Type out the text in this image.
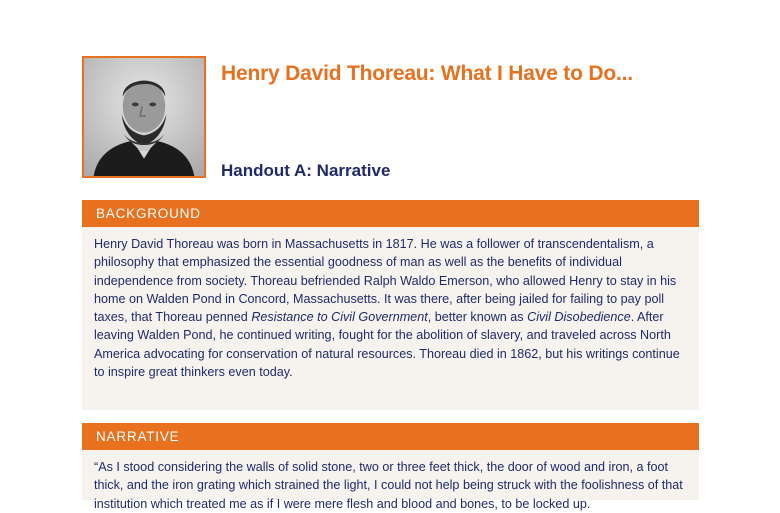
Henry David Thoreau: What I Have to Do...
Handout A: Narrative
BACKGROUND

Henry David Thoreau was born in Massachusetts in 1817. He was a follower of transcendentalism, a philosophy that emphasized the essential goodness of man as well as the benefits of individual independence from society. Thoreau befriended Ralph Waldo Emerson, who allowed Henry to stay in his home on Walden Pond in Concord, Massachusetts. It was there, after being jailed for failing to pay poll taxes, that Thoreau penned Resistance to Civil Government, better known as Civil Disobedience. After leaving Walden Pond, he continued writing, fought for the abolition of slavery, and traveled across North America advocating for conservation of natural resources. Thoreau died in 1862, but his writings continue to inspire great thinkers even today.

NARRATIVE

“As I stood considering the walls of solid stone, two or three feet thick, the door of wood and iron, a foot thick, and the iron grating which strained the light, I could not help being struck with the foolishness of that institution which treated me as if I were mere flesh and blood and bones, to be locked up.
